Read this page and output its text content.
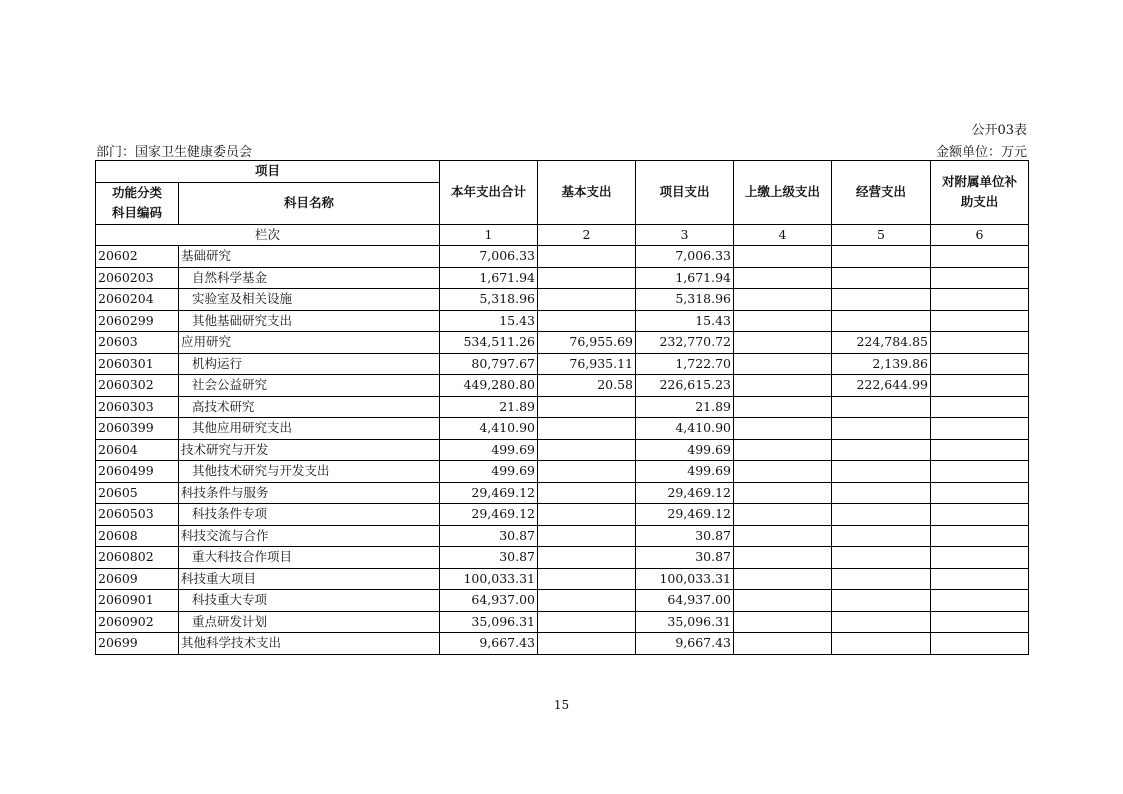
公开03表
部门：国家卫生健康委员会	金额单位：万元
项目		本年支出合计	基本支出	项目支出	上缴上级支出	经营支出	对附属单位补助支出
功能分类科目编码	科目名称						
栏次		1	2	3	4	5	6
20602	基础研究	7,006.33		7,006.33			
2060203	自然科学基金	1,671.94		1,671.94			
2060204	实验室及相关设施	5,318.96		5,318.96			
2060299	其他基础研究支出	15.43		15.43			
20603	应用研究	534,511.26	76,955.69	232,770.72		224,784.85	
2060301	机构运行	80,797.67	76,935.11	1,722.70		2,139.86	
2060302	社会公益研究	449,280.80	20.58	226,615.23		222,644.99	
2060303	高技术研究	21.89		21.89			
2060399	其他应用研究支出	4,410.90		4,410.90			
20604	技术研究与开发	499.69		499.69			
2060499	其他技术研究与开发支出	499.69		499.69			
20605	科技条件与服务	29,469.12		29,469.12			
2060503	科技条件专项	29,469.12		29,469.12			
20608	科技交流与合作	30.87		30.87			
2060802	重大科技合作项目	30.87		30.87			
20609	科技重大项目	100,033.31		100,033.31			
2060901	科技重大专项	64,937.00		64,937.00			
2060902	重点研发计划	35,096.31		35,096.31			
20699	其他科学技术支出	9,667.43		9,667.43			
15
